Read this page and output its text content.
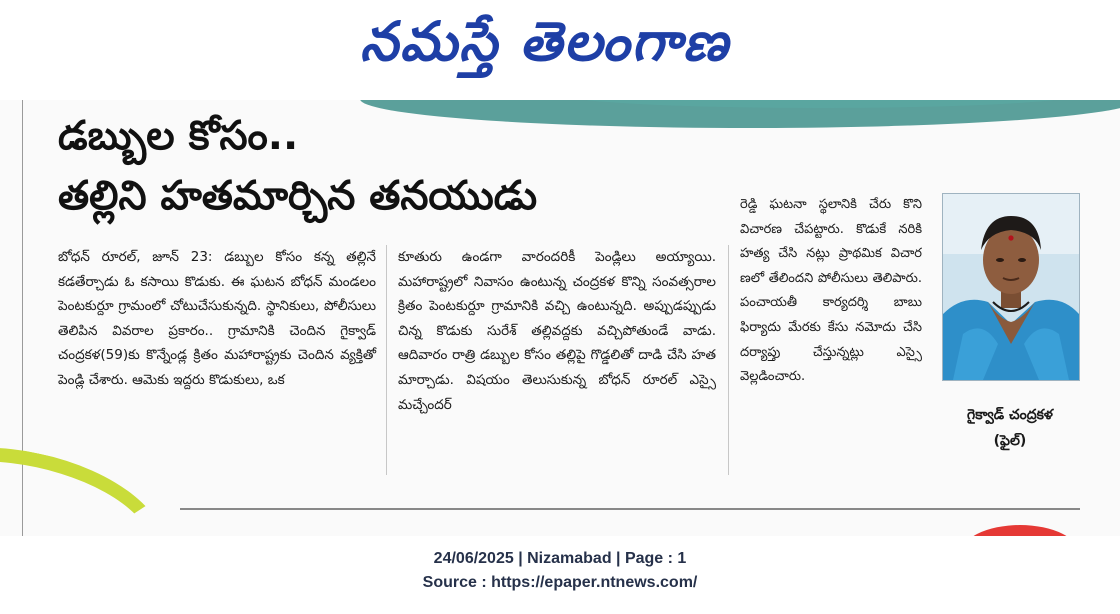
నమస్తే తెలంగాణ
డబ్బుల కోసం..
తల్లిని హతమార్చిన తనయుడు

బోధన్ రూరల్, జూన్ 23: డబ్బుల కోసం కన్న తల్లినే కడతేర్చాడు ఓ కసాయి కొడుకు. ఈ ఘటన బోధన్ మండలం పెంటకుర్దూ గ్రామంలో చోటుచేసుకున్నది. స్థానికులు, పోలీసులు తెలిపిన వివరాల ప్రకారం.. గ్రామానికి చెందిన గైక్వాడ్ చంద్రకళ(59)కు కొన్నేండ్ల క్రితం మహారాష్ట్రకు చెందిన వ్యక్తితో పెండ్లి చేశారు. ఆమెకు ఇద్దరు కొడుకులు, ఒక

కూతురు ఉండగా వారందరికీ పెండ్లిలు అయ్యాయి. మహారాష్ట్రలో నివాసం ఉంటున్న చంద్రకళ కొన్ని సంవత్సరాల క్రితం పెంటకుర్దూ గ్రామానికి వచ్చి ఉంటున్నది. అప్పుడప్పుడు చిన్న కొడుకు సురేశ్ తల్లివద్దకు వచ్చిపోతుండే వాడు. ఆదివారం రాత్రి డబ్బుల కోసం తల్లిపై గొడ్డలితో దాడి చేసి హత మార్చాడు. విషయం తెలుసుకున్న బోధన్ రూరల్ ఎస్సై మచ్చేందర్

రెడ్డి ఘటనా స్థలానికి చేరు కొని విచారణ చేపట్టారు. కొడుకే నరికి హత్య చేసి నట్లు ప్రాథమిక విచార ణలో తేలిందని పోలీసులు తెలిపారు. పంచాయతీ కార్యదర్శి బాబు ఫిర్యాదు మేరకు కేసు నమోదు చేసి దర్యాప్తు చేస్తున్నట్లు ఎస్సై వెల్లడించారు.

గైక్వాడ్ చంద్రకళ
(ఫైల్)
24/06/2025 | Nizamabad | Page : 1
Source : https://epaper.ntnews.com/
